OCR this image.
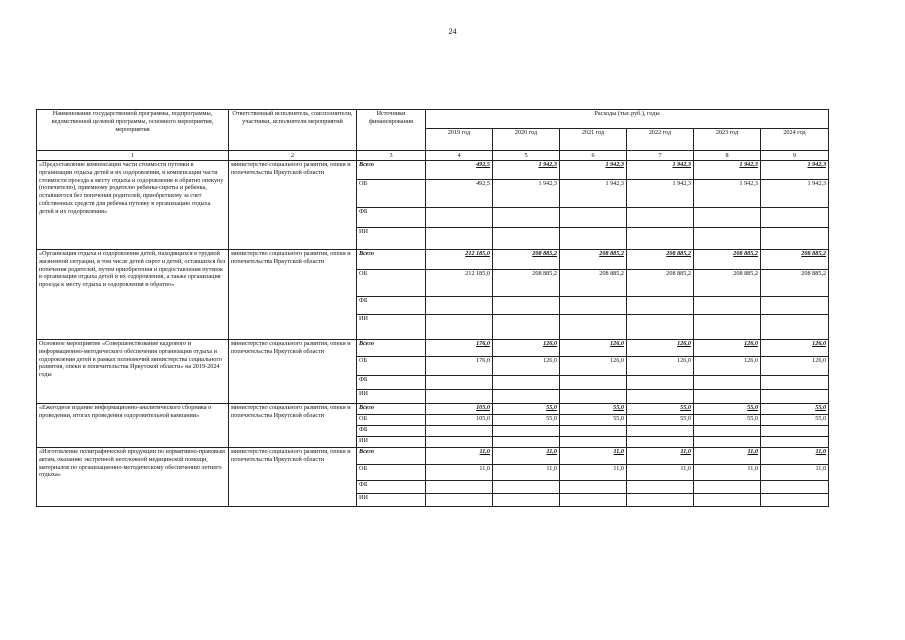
24
Наименование государственной программы, подпрограммы, ведомственной целевой программы, основного мероприятия, мероприятия	Ответственный исполнитель, соисполнители, участники, исполнители мероприятий	Источники финансирования	Расходы (тыс.руб.), годы					
			2019 год	2020 год	2021 год	2022 год	2023 год	2024 год
1	2	3	4	5	6	7	8	9
«Предоставление компенсации части стоимости путевки в организации отдыха детей и их оздоровления, и компенсации части стоимости проезда к месту отдыха и оздоровления и обратно опекуну (попечителю), приемному родителю ребенка-сироты и ребенка, оставшегося без попечения родителей, приобретшему за счет собственных средств для ребенка путевку в организацию отдыха детей и их оздоровления»	министерство социального развития, опеки и попечительства Иркутской области	Всего	492,5	1 942,3	1 942,3	1 942,3	1 942,3	1 942,3
		ОБ	492,5	1 942,3	1 942,3	1 942,3	1 942,3	1 942,3
		ФБ						
		ИИ						
«Организация отдыха и оздоровления детей, находящихся в трудной жизненной ситуации, в том числе детей сирот и детей, оставшихся без попечения родителей, путем приобретения и предоставления путевок в организации отдыха детей и их оздоровления, а также организация проезда к месту отдыха и оздоровления и обратно»	министерство социального развития, опеки и попечительства Иркутской области	Всего	212 185,0	208 885,2	208 885,2	208 885,2	208 885,2	208 885,2
		ОБ	212 185,0	208 885,2	208 885,2	208 885,2	208 885,2	208 885,2
		ФБ						
		ИИ						
Основное мероприятие «Совершенствование кадрового и информационно-методического обеспечения организации отдыха и оздоровления детей в рамках полномочий министерства социального развития, опеки и попечительства Иркутской области» на 2019-2024 годы	министерство социального развития, опеки и попечительства Иркутской области	Всего	176,0	126,0	126,0	126,0	126,0	126,0
		ОБ	176,0	126,0	126,0	126,0	126,0	126,0
		ФБ						
		ИИ						
«Ежегодное издание информационно-аналитического сборника о проведении, итогах проведения оздоровительной кампании»	министерство социального развития, опеки и попечительства Иркутской области	Всего	105,0	55,0	55,0	55,0	55,0	55,0
		ОБ	105,0	55,0	55,0	55,0	55,0	55,0
		ФБ						
		ИИ						
«Изготовление полиграфической продукции по нормативно-правовым актам, оказанию экстренной неотложной медицинской помощи, материалов по организационно-методическому обеспечению летнего отдыха»	министерство социального развития, опеки и попечительства Иркутской области	Всего	11,0	11,0	11,0	11,0	11,0	11,0
		ОБ	11,0	11,0	11,0	11,0	11,0	11,0
		ФБ						
		ИИ						
